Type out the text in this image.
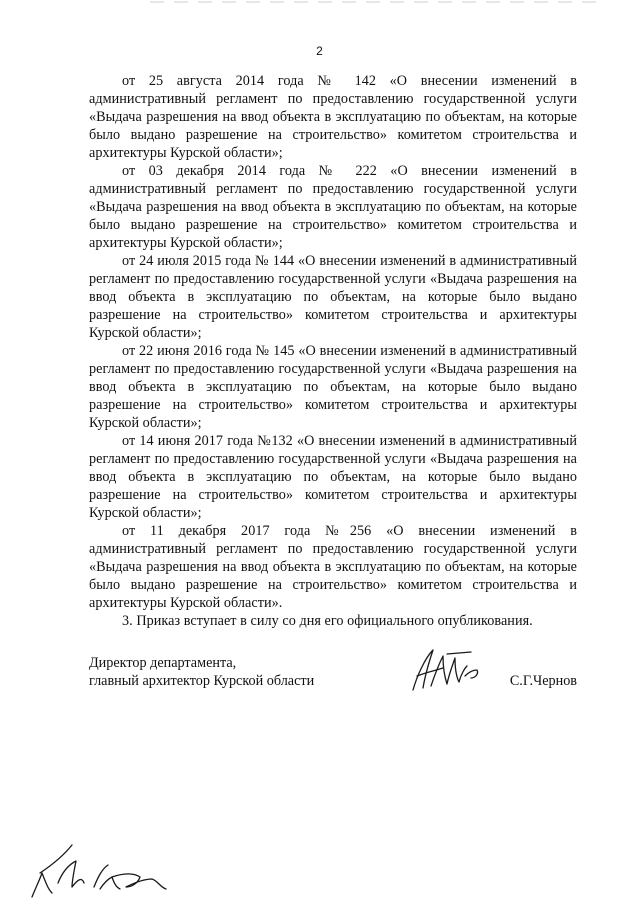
2

от 25 августа 2014 года № 142 «О внесении изменений в административный регламент по предоставлению государственной услуги «Выдача разрешения на ввод объекта в эксплуатацию по объектам, на которые было выдано разрешение на строительство» комитетом строительства и архитектуры Курской области»;

от 03 декабря 2014 года № 222 «О внесении изменений в административный регламент по предоставлению государственной услуги «Выдача разрешения на ввод объекта в эксплуатацию по объектам, на которые было выдано разрешение на строительство» комитетом строительства и архитектуры Курской области»;

от 24 июля 2015 года № 144 «О внесении изменений в административный регламент по предоставлению государственной услуги «Выдача разрешения на ввод объекта в эксплуатацию по объектам, на которые было выдано разрешение на строительство» комитетом строительства и архитектуры Курской области»;

от 22 июня 2016 года № 145 «О внесении изменений в административный регламент по предоставлению государственной услуги «Выдача разрешения на ввод объекта в эксплуатацию по объектам, на которые было выдано разрешение на строительство» комитетом строительства и архитектуры Курской области»;

от 14 июня 2017 года №132 «О внесении изменений в административный регламент по предоставлению государственной услуги «Выдача разрешения на ввод объекта в эксплуатацию по объектам, на которые было выдано разрешение на строительство» комитетом строительства и архитектуры Курской области»;

от 11 декабря 2017 года №256 «О внесении изменений в административный регламент по предоставлению государственной услуги «Выдача разрешения на ввод объекта в эксплуатацию по объектам, на которые было выдано разрешение на строительство» комитетом строительства и архитектуры Курской области».

3. Приказ вступает в силу со дня его официального опубликования.

Директор департамента,
главный архитектор Курской области	С.Г.Чернов
